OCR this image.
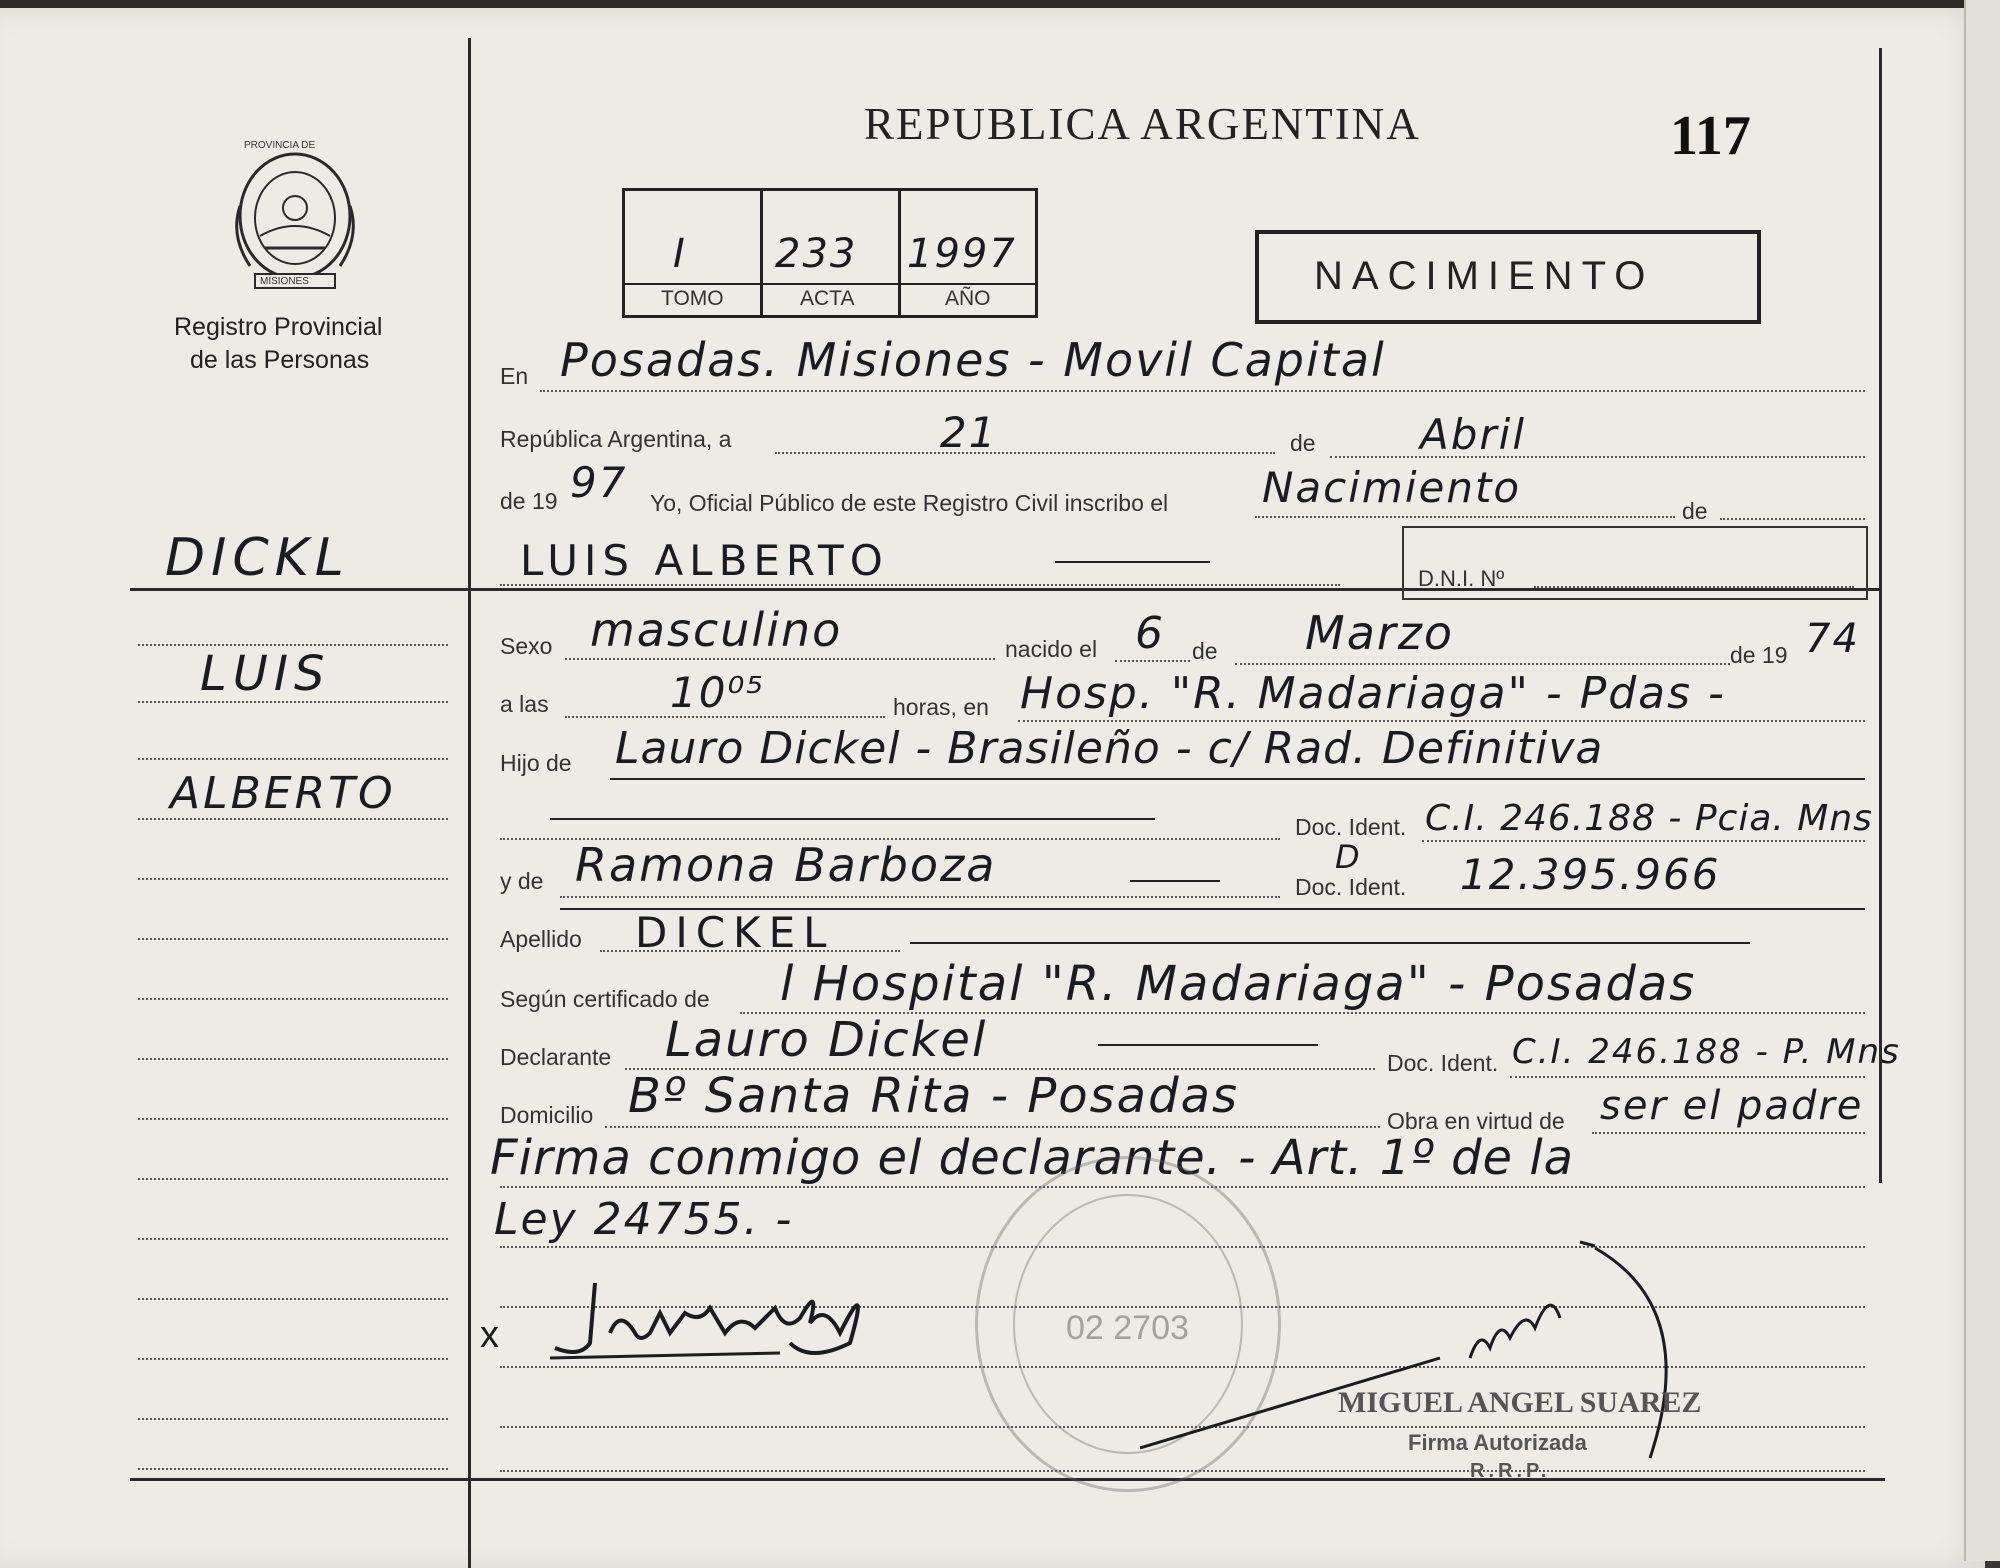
PROVINCIA DE
MISIONES
Registro Provincial
de las Personas
REPUBLICA ARGENTINA	117
I 233 1997
TOMO	ACTA	AÑO
NACIMIENTO
DICKL
LUIS
ALBERTO
En Posadas. Misiones - Movil Capital
República Argentina, a	21	de Abril
de 19 97 Yo, Oficial Público de este Registro Civil inscribo el Nacimiento	de
LUIS ALBERTO	D.N.I. Nº
Sexo masculino	nacido el 6 de Marzo	de 19 74
a las	10⁰⁵	horas, en Hosp. "R. Madariaga" - Pdas -
Hijo de Lauro Dickel - Brasileño - c/ Rad. Definitiva
Doc. Ident. C.I. 246.188 - Pcia. Mns
y de Ramona Barboza	Doc. Ident.
D 12.395.966
Apellido DICKEL
Según certificado de l Hospital "R. Madariaga" - Posadas
Declarante Lauro Dickel	Doc. Ident. C.I. 246.188 - P. Mns
Domicilio Bº Santa Rita - Posadas	Obra en virtud de ser el padre
Firma conmigo el declarante. - Art. 1º de la
Ley 24755. -
02 2703
x
MIGUEL ANGEL SUAREZ
Firma Autorizada
R.R.P.
